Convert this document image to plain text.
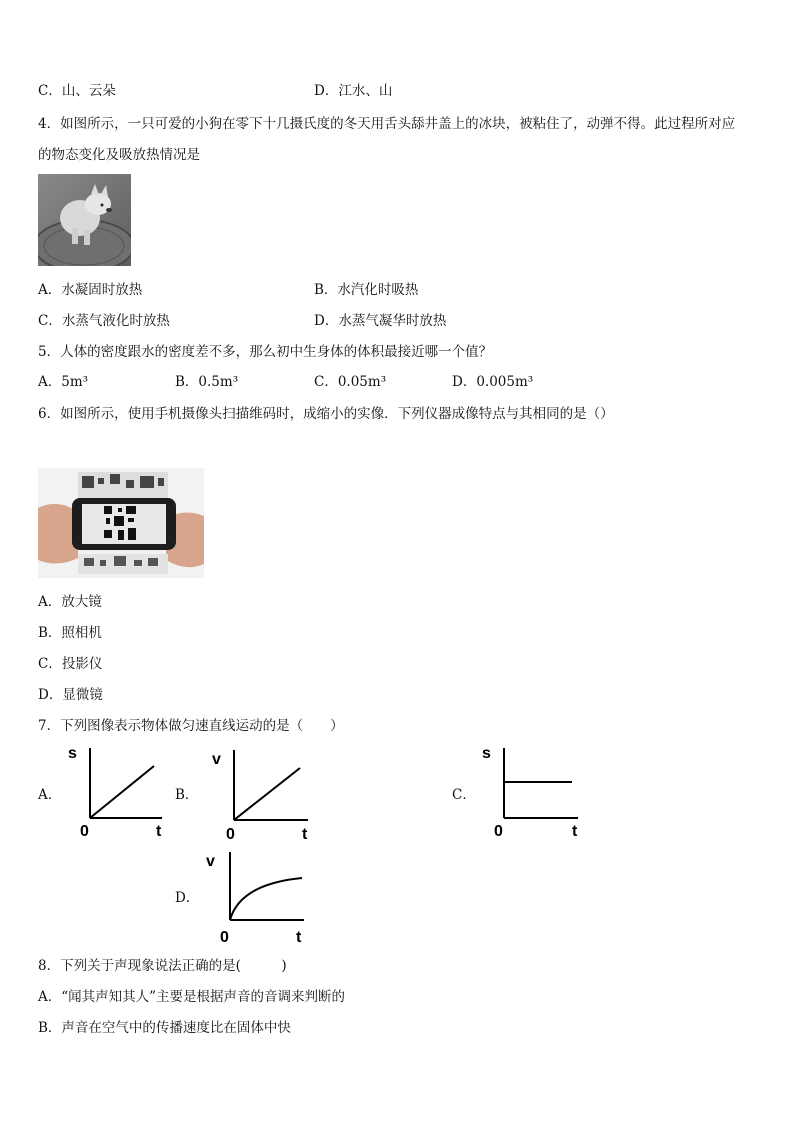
C．山、云朵	D．江水、山
4．如图所示，一只可爱的小狗在零下十几摄氏度的冬天用舌头舔井盖上的冰块，被粘住了，动弹不得。此过程所对应
的物态变化及吸放热情况是
A．水凝固时放热	B．水汽化时吸热
C．水蒸气液化时放热	D．水蒸气凝华时放热
5．人体的密度跟水的密度差不多，那么初中生身体的体积最接近哪一个值？
A．5m³	B．0.5m³	C．0.05m³	D．0.005m³
6．如图所示，使用手机摄像头扫描维码时，成缩小的实像．下列仪器成像特点与其相同的是（）
A．放大镜
B．照相机
C．投影仪
D．显微镜
7．下列图像表示物体做匀速直线运动的是（　　）
A．
s
0	t
B．
v
0	t
C．
s
0	t
D．
v
0	t
8．下列关于声现象说法正确的是(　　　)
A．“闻其声知其人”主要是根据声音的音调来判断的
B．声音在空气中的传播速度比在固体中快
